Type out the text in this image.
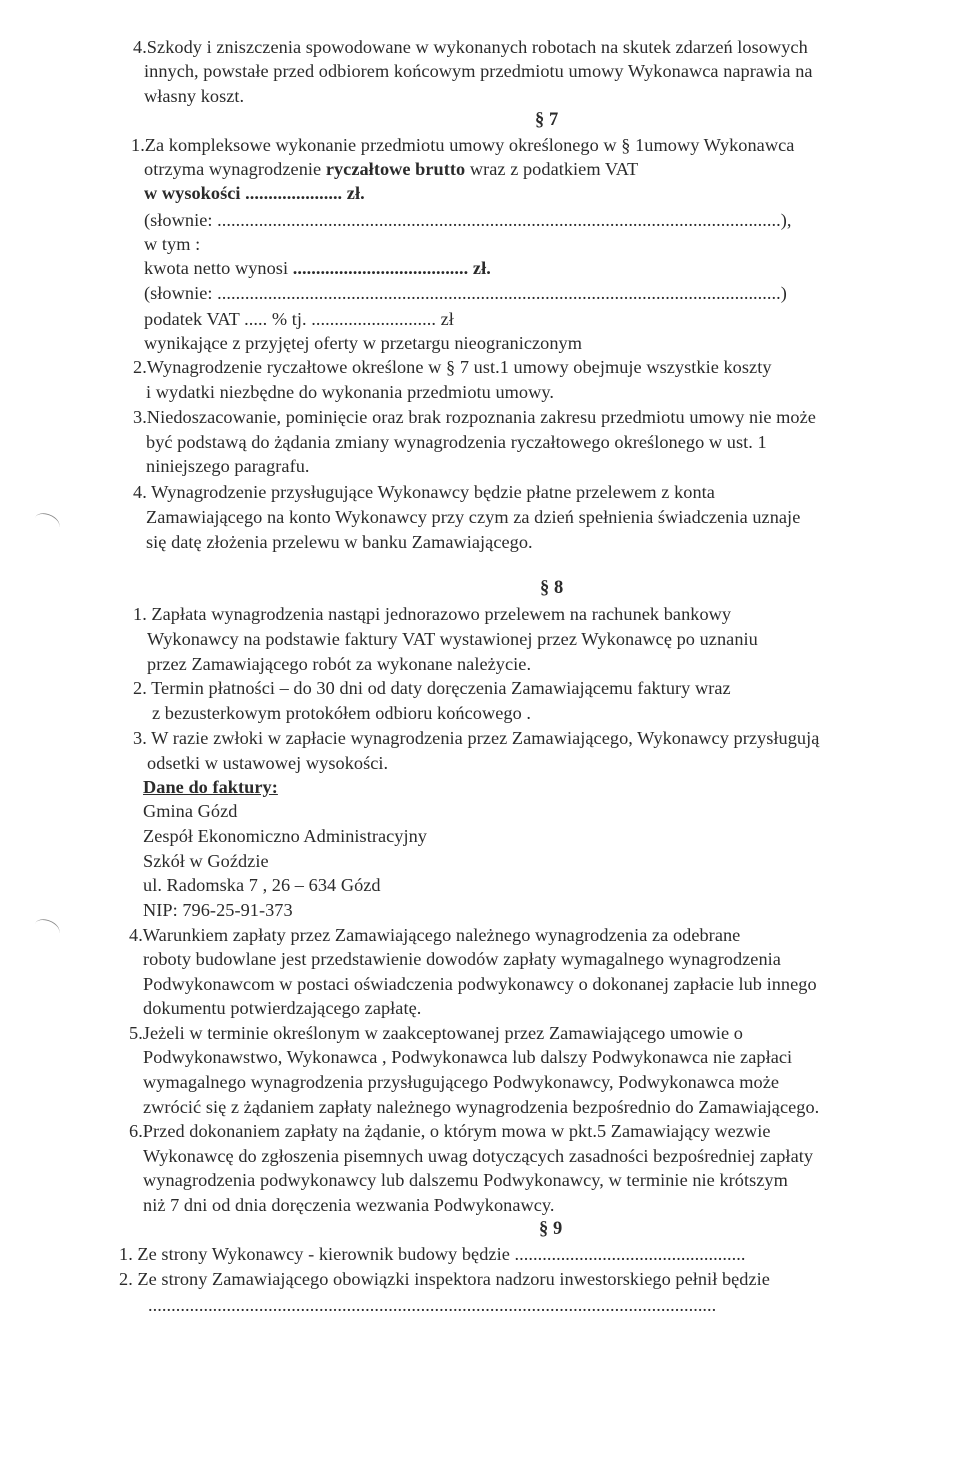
4.Szkody i zniszczenia spowodowane w wykonanych robotach na skutek zdarzeń losowych
innych, powstałe przed odbiorem końcowym przedmiotu umowy Wykonawca naprawia na
własny koszt.
§ 7
1.Za kompleksowe wykonanie przedmiotu umowy określonego w § 1umowy Wykonawca
otrzyma wynagrodzenie ryczałtowe brutto wraz z podatkiem VAT
w wysokości ..................... zł.
(słownie: ..........................................................................................................................),
w tym :
kwota netto wynosi ...................................... zł.
(słownie: ..........................................................................................................................)
podatek VAT ..... % tj. ........................... zł
wynikające z przyjętej oferty w przetargu nieograniczonym
2.Wynagrodzenie ryczałtowe określone w § 7 ust.1 umowy obejmuje wszystkie koszty
i wydatki niezbędne do wykonania przedmiotu umowy.
3.Niedoszacowanie, pominięcie oraz brak rozpoznania zakresu przedmiotu umowy nie może
być podstawą do żądania zmiany wynagrodzenia ryczałtowego określonego w ust. 1
niniejszego paragrafu.
4. Wynagrodzenie przysługujące Wykonawcy będzie płatne przelewem z konta
Zamawiającego na konto Wykonawcy przy czym za dzień spełnienia świadczenia uznaje
się datę złożenia przelewu w banku Zamawiającego.
§ 8
1. Zapłata wynagrodzenia nastąpi jednorazowo przelewem na rachunek bankowy
Wykonawcy na podstawie faktury VAT wystawionej przez Wykonawcę po uznaniu
przez Zamawiającego robót za wykonane należycie.
2. Termin płatności – do 30 dni od daty doręczenia Zamawiającemu faktury wraz
z bezusterkowym protokółem odbioru końcowego .
3. W razie zwłoki w zapłacie wynagrodzenia przez Zamawiającego, Wykonawcy przysługują
odsetki w ustawowej wysokości.
Dane do faktury:
Gmina Gózd
Zespół Ekonomiczno Administracyjny
Szkół w Goździe
ul. Radomska 7 , 26 – 634 Gózd
NIP: 796-25-91-373
4.Warunkiem zapłaty przez Zamawiającego należnego wynagrodzenia za odebrane
roboty budowlane jest przedstawienie dowodów zapłaty wymagalnego wynagrodzenia
Podwykonawcom w postaci oświadczenia podwykonawcy o dokonanej zapłacie lub innego
dokumentu potwierdzającego zapłatę.
5.Jeżeli w terminie określonym w zaakceptowanej przez Zamawiającego umowie o
Podwykonawstwo, Wykonawca , Podwykonawca lub dalszy Podwykonawca nie zapłaci
wymagalnego wynagrodzenia przysługującego Podwykonawcy, Podwykonawca może
zwrócić się z żądaniem zapłaty należnego wynagrodzenia bezpośrednio do Zamawiającego.
6.Przed dokonaniem zapłaty na żądanie, o którym mowa w pkt.5 Zamawiający wezwie
Wykonawcę do zgłoszenia pisemnych uwag dotyczących zasadności bezpośredniej zapłaty
wynagrodzenia podwykonawcy lub dalszemu Podwykonawcy, w terminie nie krótszym
niż 7 dni od dnia doręczenia wezwania Podwykonawcy.
§ 9
1. Ze strony Wykonawcy - kierownik budowy będzie ..................................................
2. Ze strony Zamawiającego obowiązki inspektora nadzoru inwestorskiego pełnił będzie
...........................................................................................................................
